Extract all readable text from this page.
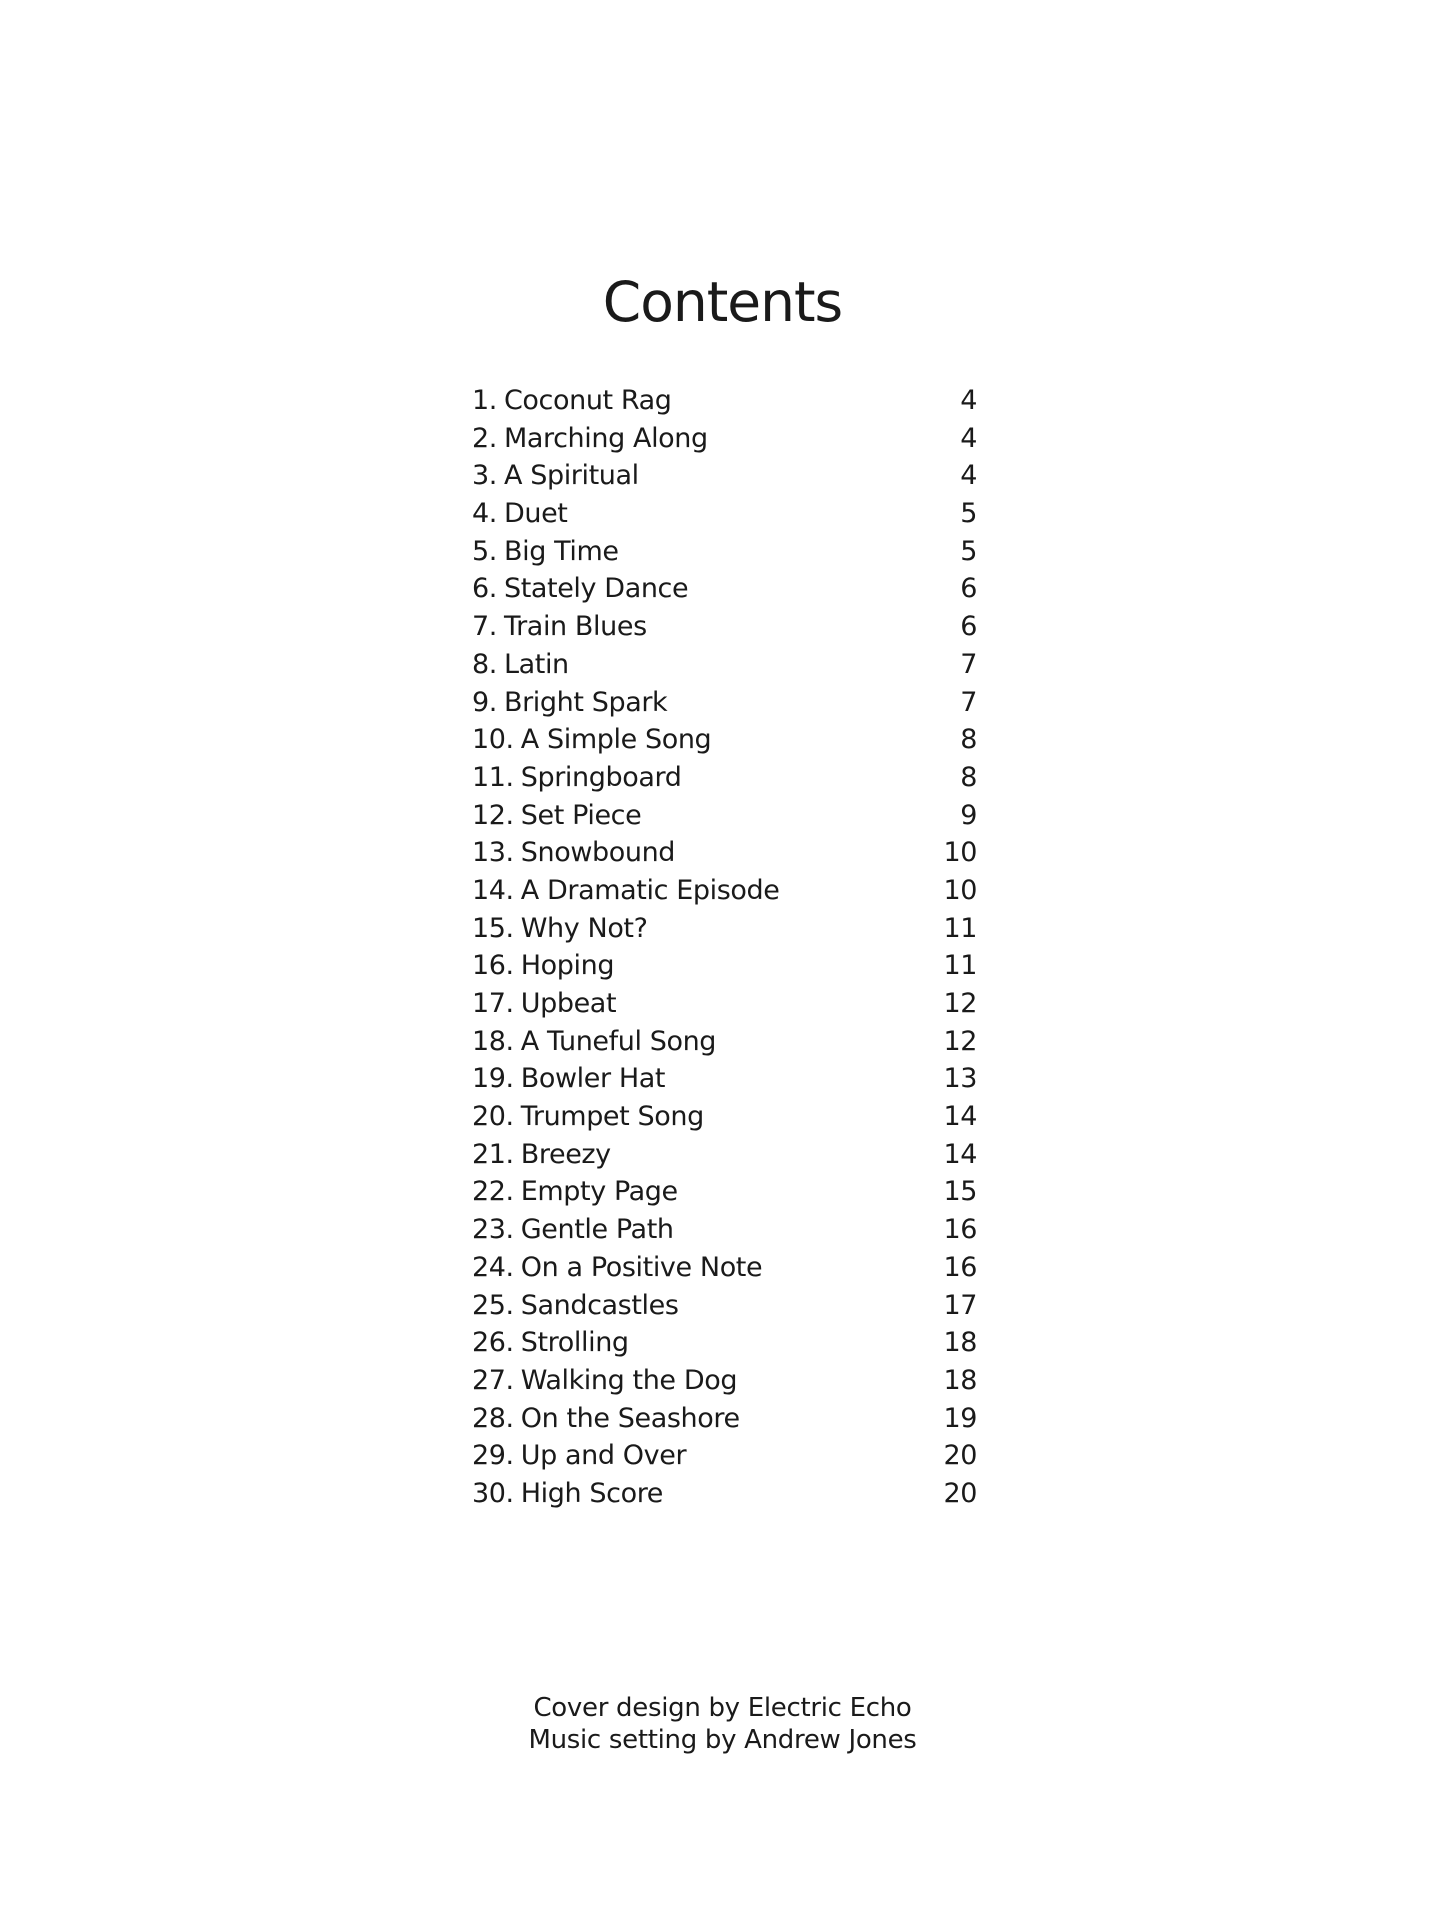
Contents
1. Coconut Rag	4
2. Marching Along	4
3. A Spiritual	4
4. Duet	5
5. Big Time	5
6. Stately Dance	6
7. Train Blues	6
8. Latin	7
9. Bright Spark	7
10. A Simple Song	8
11. Springboard	8
12. Set Piece	9
13. Snowbound	10
14. A Dramatic Episode	10
15. Why Not?	11
16. Hoping	11
17. Upbeat	12
18. A Tuneful Song	12
19. Bowler Hat	13
20. Trumpet Song	14
21. Breezy	14
22. Empty Page	15
23. Gentle Path	16
24. On a Positive Note	16
25. Sandcastles	17
26. Strolling	18
27. Walking the Dog	18
28. On the Seashore	19
29. Up and Over	20
30. High Score	20
Cover design by Electric Echo
Music setting by Andrew Jones
